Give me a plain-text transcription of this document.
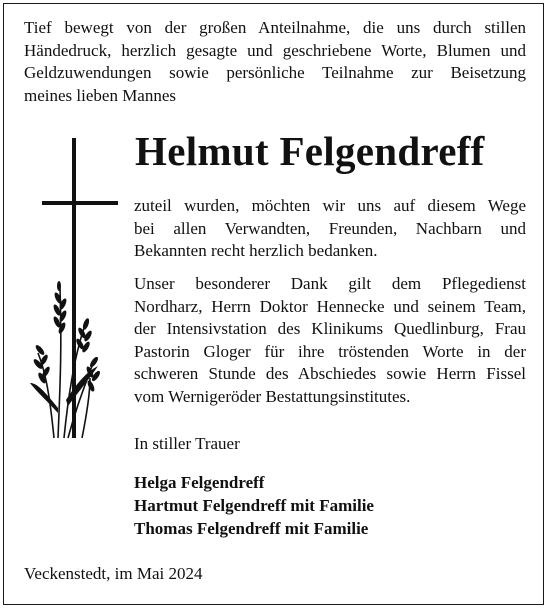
Tief bewegt von der großen Anteilnahme, die uns durch stillen
Händedruck, herzlich gesagte und geschriebene Worte, Blumen und
Geldzuwendungen sowie persönliche Teilnahme zur Beisetzung
meines lieben Mannes

Helmut Felgendreff

zuteil wurden, möchten wir uns auf diesem Wege
bei allen Verwandten, Freunden, Nachbarn und
Bekannten recht herzlich bedanken.

Unser besonderer Dank gilt dem Pflegedienst
Nordharz, Herrn Doktor Hennecke und seinem Team,
der Intensivstation des Klinikums Quedlinburg, Frau
Pastorin Gloger für ihre tröstenden Worte in der
schweren Stunde des Abschiedes sowie Herrn Fissel
vom Wernigeröder Bestattungsinstitutes.

In stiller Trauer
Helga Felgendreff
Hartmut Felgendreff mit Familie
Thomas Felgendreff mit Familie
Veckenstedt, im Mai 2024
